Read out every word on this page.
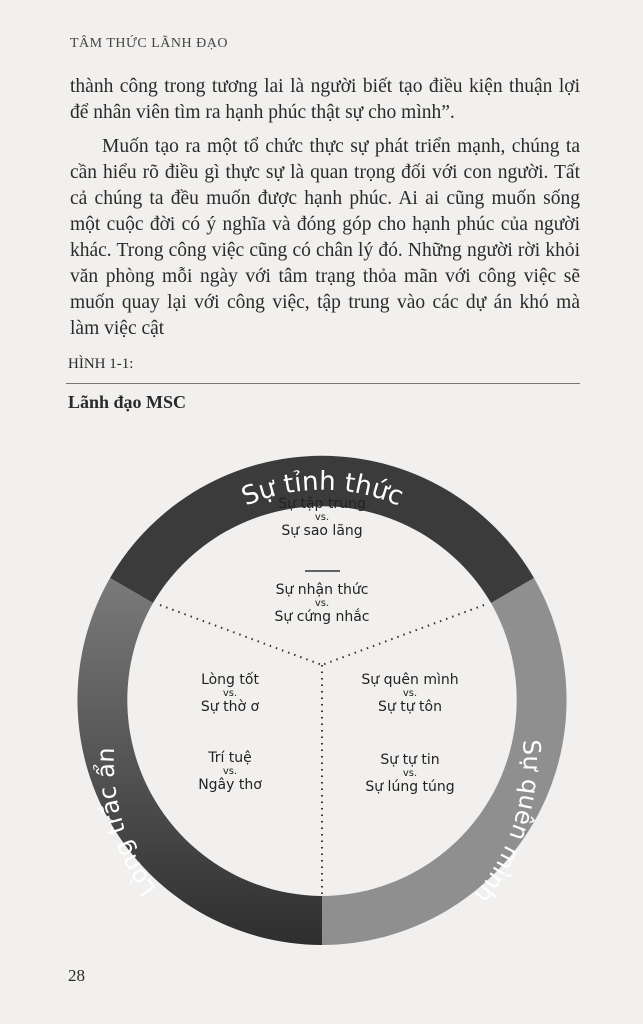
TÂM THỨC LÃNH ĐẠO

thành công trong tương lai là người biết tạo điều kiện thuận lợi để nhân viên tìm ra hạnh phúc thật sự cho mình”.

Muốn tạo ra một tổ chức thực sự phát triển mạnh, chúng ta cần hiểu rõ điều gì thực sự là quan trọng đối với con người. Tất cả chúng ta đều muốn được hạnh phúc. Ai ai cũng muốn sống một cuộc đời có ý nghĩa và đóng góp cho hạnh phúc của người khác. Trong công việc cũng có chân lý đó. Những người rời khỏi văn phòng mỗi ngày với tâm trạng thỏa mãn với công việc sẽ muốn quay lại với công việc, tập trung vào các dự án khó mà làm việc cật

HÌNH 1-1:
Lãnh đạo MSC
Sự tỉnh thức
Lòng trắc ẩn	Sự quên mình
Sự tập trung
vs.
Sự sao lãng
Sự nhận thức
vs.
Sự cứng nhắc
Lòng tốt
vs.
Sự thờ ơ
Trí tuệ
vs.
Ngây thơ
Sự quên mình
vs.
Sự tự tôn
Sự tự tin
vs.
Sự lúng túng
28
